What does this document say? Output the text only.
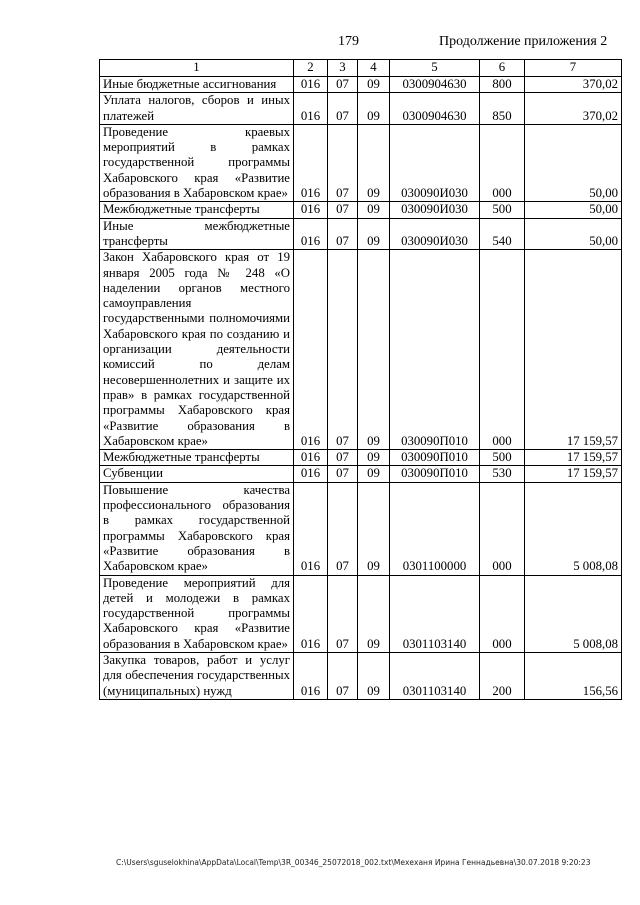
179	Продолжение приложения 2
1	2	3	4	5	6	7
Иные бюджетные ассигнования	016	07	09	0300904630	800	370,02
Уплата налогов, сборов и иных платежей	016	07	09	0300904630	850	370,02
Проведение краевых мероприятий в рамках государственной программы Хабаровского края «Развитие образования в Хабаровском крае»	016	07	09	030090И030	000	50,00
Межбюджетные трансферты	016	07	09	030090И030	500	50,00
Иные межбюджетные трансферты	016	07	09	030090И030	540	50,00
Закон Хабаровского края от 19 января 2005 года № 248 «О наделении органов местного самоуправления государственными полномочиями Хабаровского края по созданию и организации деятельности комиссий по делам несовершеннолетних и защите их прав» в рамках государственной программы Хабаровского края «Развитие образования в Хабаровском крае»	016	07	09	030090П010	000	17 159,57
Межбюджетные трансферты	016	07	09	030090П010	500	17 159,57
Субвенции	016	07	09	030090П010	530	17 159,57
Повышение качества профессионального образования в рамках государственной программы Хабаровского края «Развитие образования в Хабаровском крае»	016	07	09	0301100000	000	5 008,08
Проведение мероприятий для детей и молодежи в рамках государственной программы Хабаровского края «Развитие образования в Хабаровском крае»	016	07	09	0301103140	000	5 008,08
Закупка товаров, работ и услуг для обеспечения государственных (муниципальных) нужд	016	07	09	0301103140	200	156,56
C:\Users\sguselokhina\AppData\Local\Temp\3R_00346_25072018_002.txt\Мехеханя Ирина Геннадьевна\30.07.2018 9:20:23
